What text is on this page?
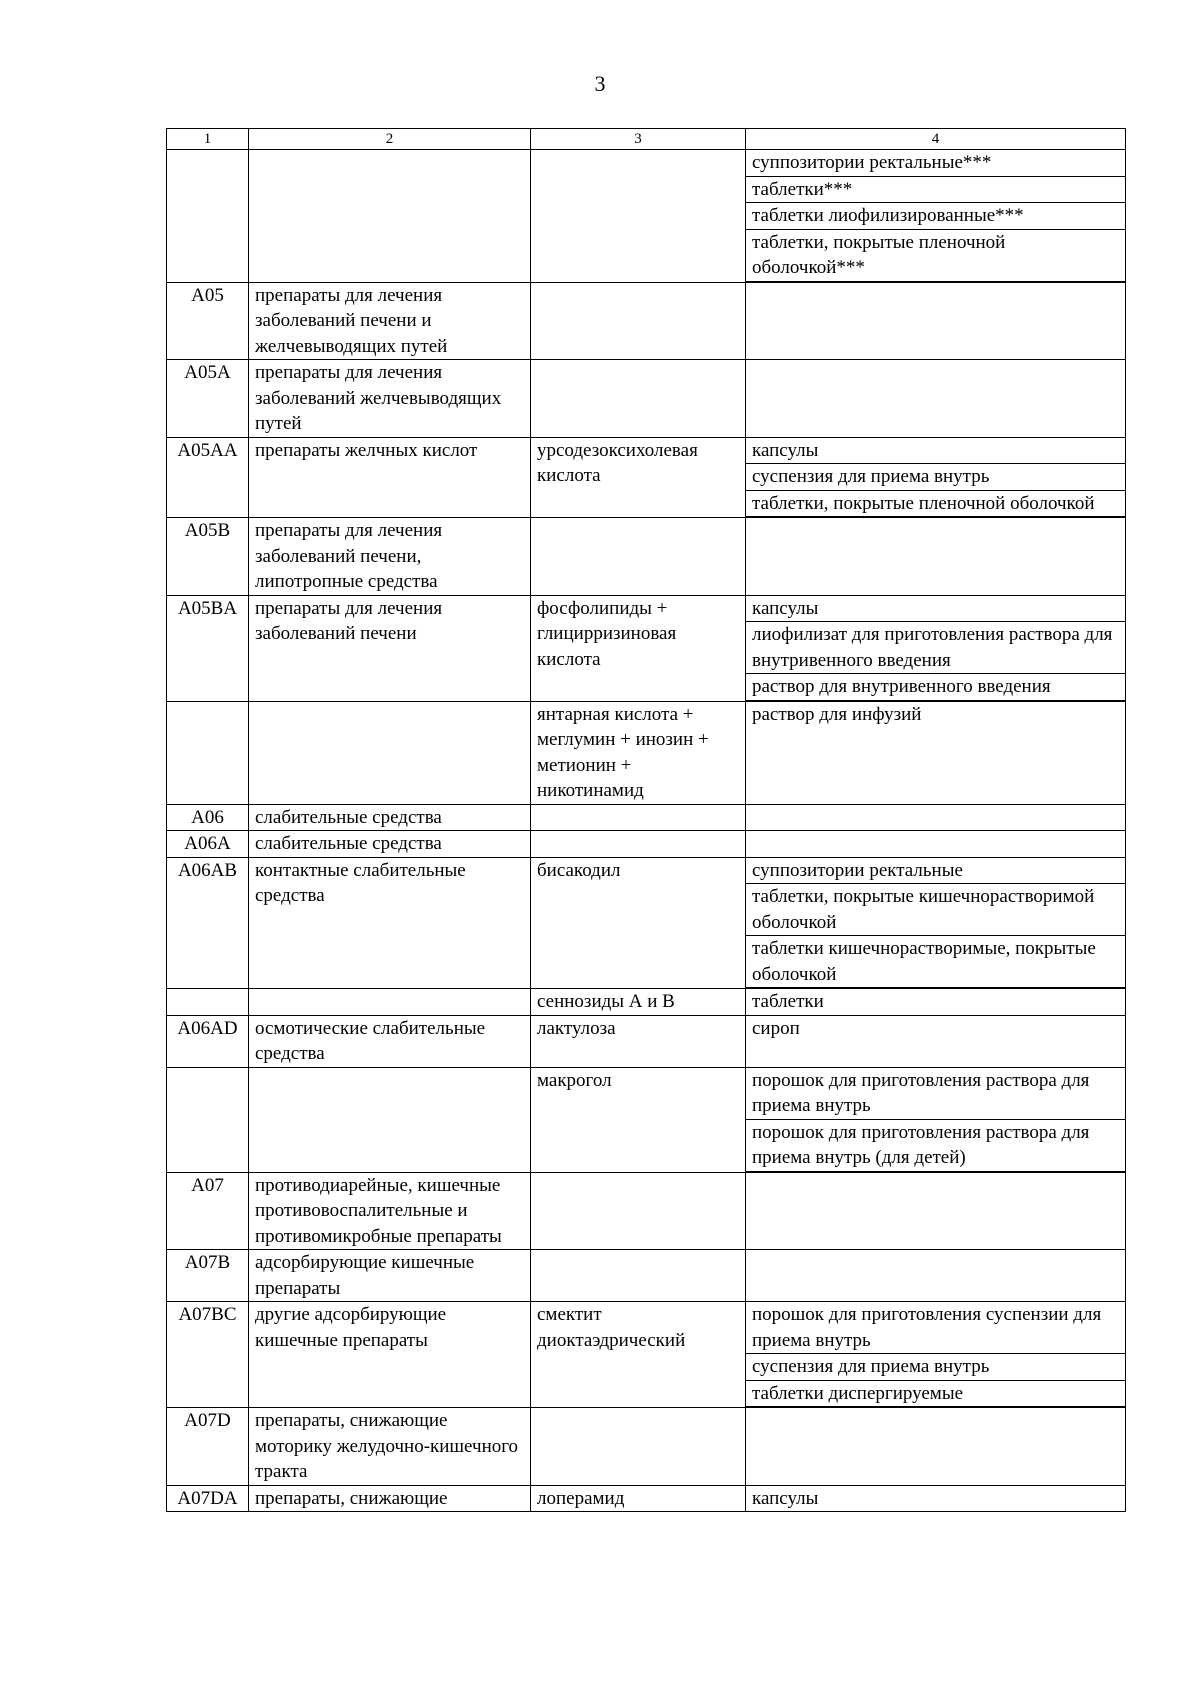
3
1	2	3	4

			суппозитории ректальные***
таблетки***
таблетки лиофилизированные***
таблетки, покрытые пленочной оболочкой***

A05	препараты для лечения заболеваний печени и желчевыводящих путей		
A05A	препараты для лечения заболеваний желчевыводящих путей		
A05AA	препараты желчных кислот	урсодезоксихолевая кислота	капсулы
суспензия для приема внутрь
таблетки, покрытые пленочной оболочкой

A05B	препараты для лечения заболеваний печени, липотропные средства		
A05BA	препараты для лечения заболеваний печени	фосфолипиды + глицирризиновая кислота	капсулы
лиофилизат для приготовления раствора для внутривенного введения
раствор для внутривенного введения

		янтарная кислота + меглумин + инозин + метионин + никотинамид	раствор для инфузий

A06	слабительные средства		
A06A	слабительные средства		
A06AB	контактные слабительные средства	бисакодил	суппозитории ректальные
таблетки, покрытые кишечнорастворимой оболочкой
таблетки кишечнорастворимые, покрытые оболочкой

		сеннозиды А и В	таблетки

A06AD	осмотические слабительные средства	лактулоза	сироп

		макрогол	порошок для приготовления раствора для приема внутрь
порошок для приготовления раствора для приема внутрь (для детей)

A07	противодиарейные, кишечные противовоспалительные и противомикробные препараты		
A07B	адсорбирующие кишечные препараты		
A07BC	другие адсорбирующие кишечные препараты	смектит диоктаэдрический	порошок для приготовления суспензии для приема внутрь
суспензия для приема внутрь
таблетки диспергируемые

A07D	препараты, снижающие моторику желудочно-кишечного тракта		
A07DA	препараты, снижающие	лоперамид	капсулы
